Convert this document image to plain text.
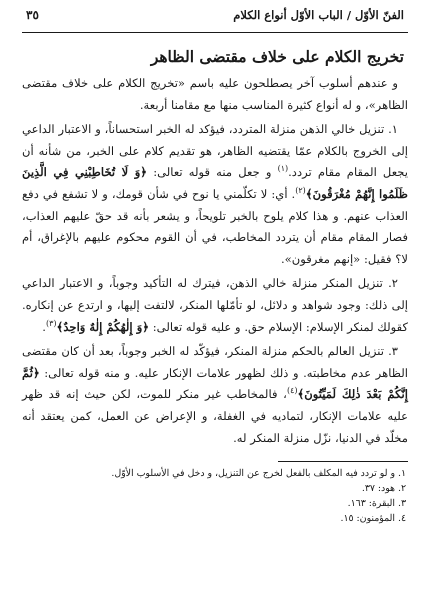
الفنّ الأوّل / الباب الأوّل أنواع الكلام
٣٥
تخريج الكلام على خلاف مقتضى الظاهر

و عندهم أسلوب آخر يصطلحون عليه باسم «تخريج الكلام على خلاف مقتضى الظاهر»، و له أنواع كثيرة المناسب منها مع مقامنا أربعة.

١. تنزيل خالي الذهن منزلة المتردد، فيؤكد له الخبر استحساناً، و الاعتبار الداعي إلى الخروج بالكلام عمّا يقتضيه الظاهر، هو تقديم كلام على الخبر، من شأنه أن يجعل المقام مقام تردد.$^{(١)}$ و جعل منه قوله تعالى: ﴿وَ لَا تُخَاطِبْنِي فِي الَّذِينَ ظَلَمُوا إِنَّهُمْ مُغْرَقُونَ﴾$^{(٢)}$. أي: لا تكلّمني يا نوح في شأن قومك، و لا تشفع في دفع العذاب عنهم. و هذا كلام يلوح بالخبر تلويحاً، و يشعر بأنه قد حقّ عليهم العذاب، فصار المقام مقام أن يتردد المخاطب، في أن القوم محكوم عليهم بالإغراق، أم لا؟ فقيل: «إنهم مغرقون».

٢. تنزيل المنكر منزلة خالي الذهن، فيترك له التأكيد وجوباً، و الاعتبار الداعي إلى ذلك: وجود شواهد و دلائل، لو تأمّلها المنكر، لالتفت إليها، و ارتدع عن إنكاره. كقولك لمنكر الإسلام: الإسلام حق. و عليه قوله تعالى: ﴿وَ إِلٰهُكُمْ إِلٰهٌ وَاحِدٌ﴾$^{(٣)}$.

٣. تنزيل العالم بالحكم منزلة المنكر، فيؤكّد له الخبر وجوباً، بعد أن كان مقتضى الظاهر عدم مخاطبته. و ذلك لظهور علامات الإنكار عليه. و منه قوله تعالى: ﴿ثُمَّ إِنَّكُمْ بَعْدَ ذٰلِكَ لَمَيِّتُونَ﴾$^{(٤)}$، فالمخاطب غير منكر للموت، لكن حيث إنه قد ظهر عليه علامات الإنكار، لتماديه في الغفلة، و الإعراض عن العمل، كمن يعتقد أنه مخلّد في الدنيا، نزّل منزلة المنكر له.

١. و لو تردد فيه المكلف بالفعل لخرج عن التنزيل، و دخل في الأسلوب الأوّل.

٢. هود: ٣٧.

٣. البقرة: ١٦٣.

٤. المؤمنون: ١٥.
